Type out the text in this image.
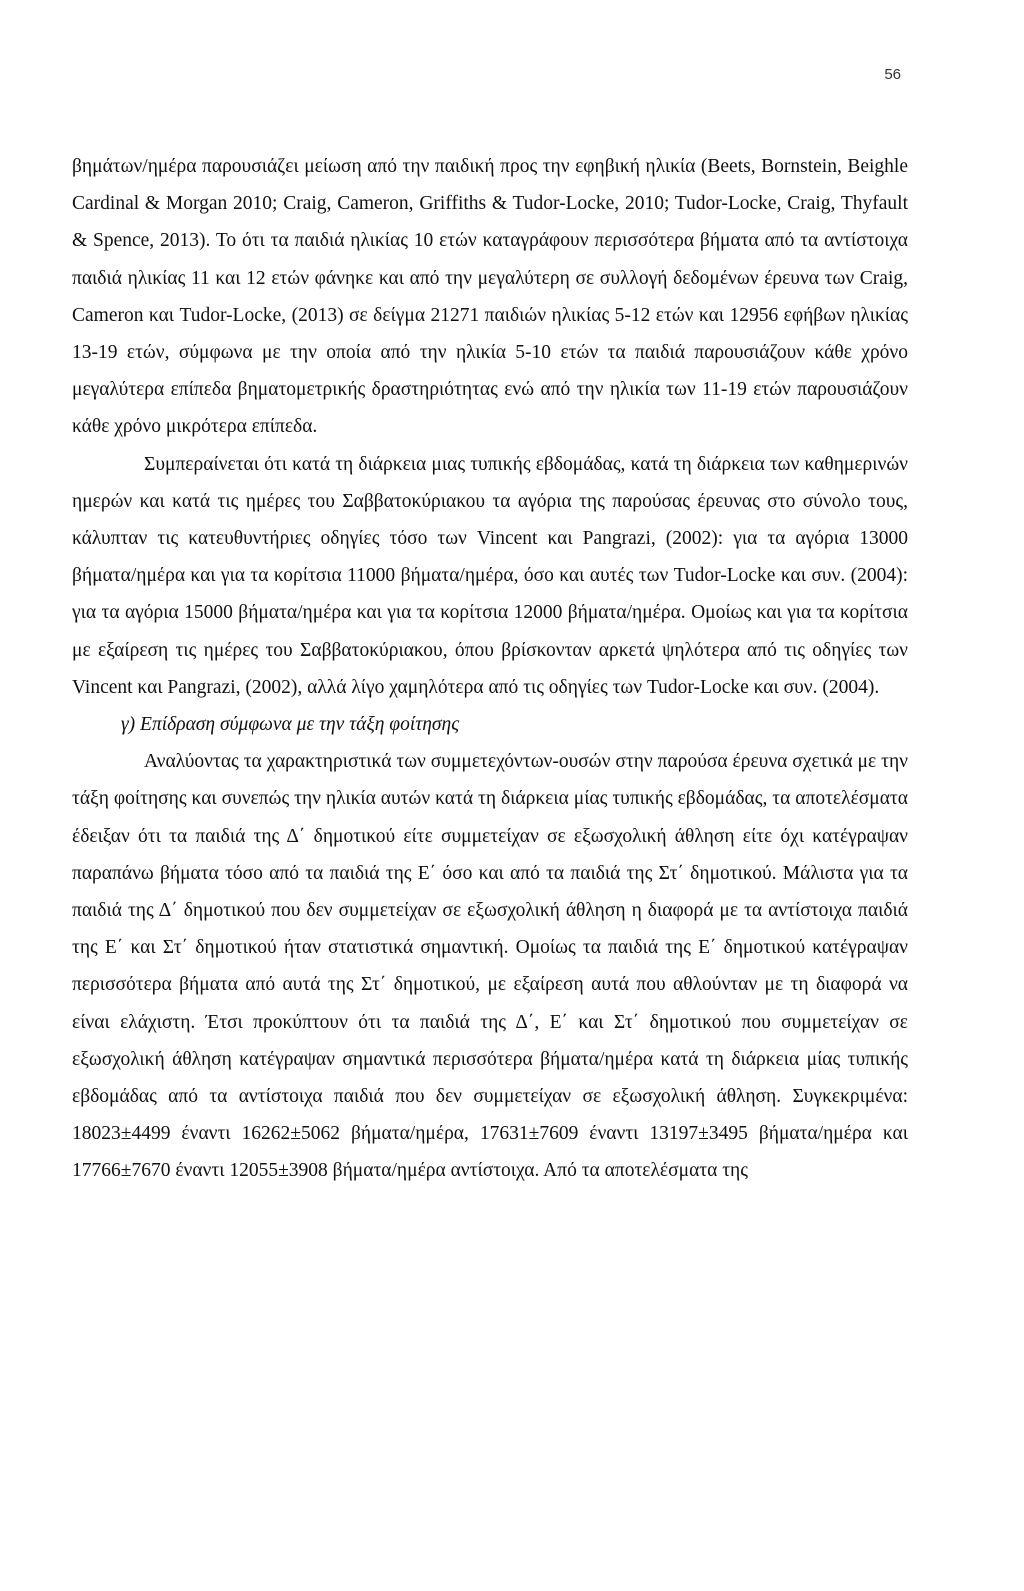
56

βημάτων/ημέρα παρουσιάζει μείωση από την παιδική προς την εφηβική ηλικία (Beets, Bornstein, Beighle Cardinal & Morgan 2010; Craig, Cameron, Griffiths & Tudor-Locke, 2010; Tudor-Locke, Craig, Thyfault & Spence, 2013). Το ότι τα παιδιά ηλικίας 10 ετών καταγράφουν περισσότερα βήματα από τα αντίστοιχα παιδιά ηλικίας 11 και 12 ετών φάνηκε και από την μεγαλύτερη σε συλλογή δεδομένων έρευνα των Craig, Cameron και Tudor-Locke, (2013) σε δείγμα 21271 παιδιών ηλικίας 5-12 ετών και 12956 εφήβων ηλικίας 13-19 ετών, σύμφωνα με την οποία από την ηλικία 5-10 ετών τα παιδιά παρουσιάζουν κάθε χρόνο μεγαλύτερα επίπεδα βηματομετρικής δραστηριότητας ενώ από την ηλικία των 11-19 ετών παρουσιάζουν κάθε χρόνο μικρότερα επίπεδα.

Συμπεραίνεται ότι κατά τη διάρκεια μιας τυπικής εβδομάδας, κατά τη διάρκεια των καθημερινών ημερών και κατά τις ημέρες του Σαββατοκύριακου τα αγόρια της παρούσας έρευνας στο σύνολο τους, κάλυπταν τις κατευθυντήριες οδηγίες τόσο των Vincent και Pangrazi, (2002): για τα αγόρια 13000 βήματα/ημέρα και για τα κορίτσια 11000 βήματα/ημέρα, όσο και αυτές των Tudor-Locke και συν. (2004): για τα αγόρια 15000 βήματα/ημέρα και για τα κορίτσια 12000 βήματα/ημέρα. Ομοίως και για τα κορίτσια με εξαίρεση τις ημέρες του Σαββατοκύριακου, όπου βρίσκονταν αρκετά ψηλότερα από τις οδηγίες των Vincent και Pangrazi, (2002), αλλά λίγο χαμηλότερα από τις οδηγίες των Tudor-Locke και συν. (2004).

γ) Επίδραση σύμφωνα με την τάξη φοίτησης

Αναλύοντας τα χαρακτηριστικά των συμμετεχόντων-ουσών στην παρούσα έρευνα σχετικά με την τάξη φοίτησης και συνεπώς την ηλικία αυτών κατά τη διάρκεια μίας τυπικής εβδομάδας, τα αποτελέσματα έδειξαν ότι τα παιδιά της Δ΄ δημοτικού είτε συμμετείχαν σε εξωσχολική άθληση είτε όχι κατέγραψαν παραπάνω βήματα τόσο από τα παιδιά της Ε΄ όσο και από τα παιδιά της Στ΄ δημοτικού. Μάλιστα για τα παιδιά της Δ΄ δημοτικού που δεν συμμετείχαν σε εξωσχολική άθληση η διαφορά με τα αντίστοιχα παιδιά της Ε΄ και Στ΄ δημοτικού ήταν στατιστικά σημαντική. Ομοίως τα παιδιά της Ε΄ δημοτικού κατέγραψαν περισσότερα βήματα από αυτά της Στ΄ δημοτικού, με εξαίρεση αυτά που αθλούνταν με τη διαφορά να είναι ελάχιστη. Έτσι προκύπτουν ότι τα παιδιά της Δ΄, Ε΄ και Στ΄ δημοτικού που συμμετείχαν σε εξωσχολική άθληση κατέγραψαν σημαντικά περισσότερα βήματα/ημέρα κατά τη διάρκεια μίας τυπικής εβδομάδας από τα αντίστοιχα παιδιά που δεν συμμετείχαν σε εξωσχολική άθληση. Συγκεκριμένα: 18023±4499 έναντι 16262±5062 βήματα/ημέρα, 17631±7609 έναντι 13197±3495 βήματα/ημέρα και 17766±7670 έναντι 12055±3908 βήματα/ημέρα αντίστοιχα. Από τα αποτελέσματα της
